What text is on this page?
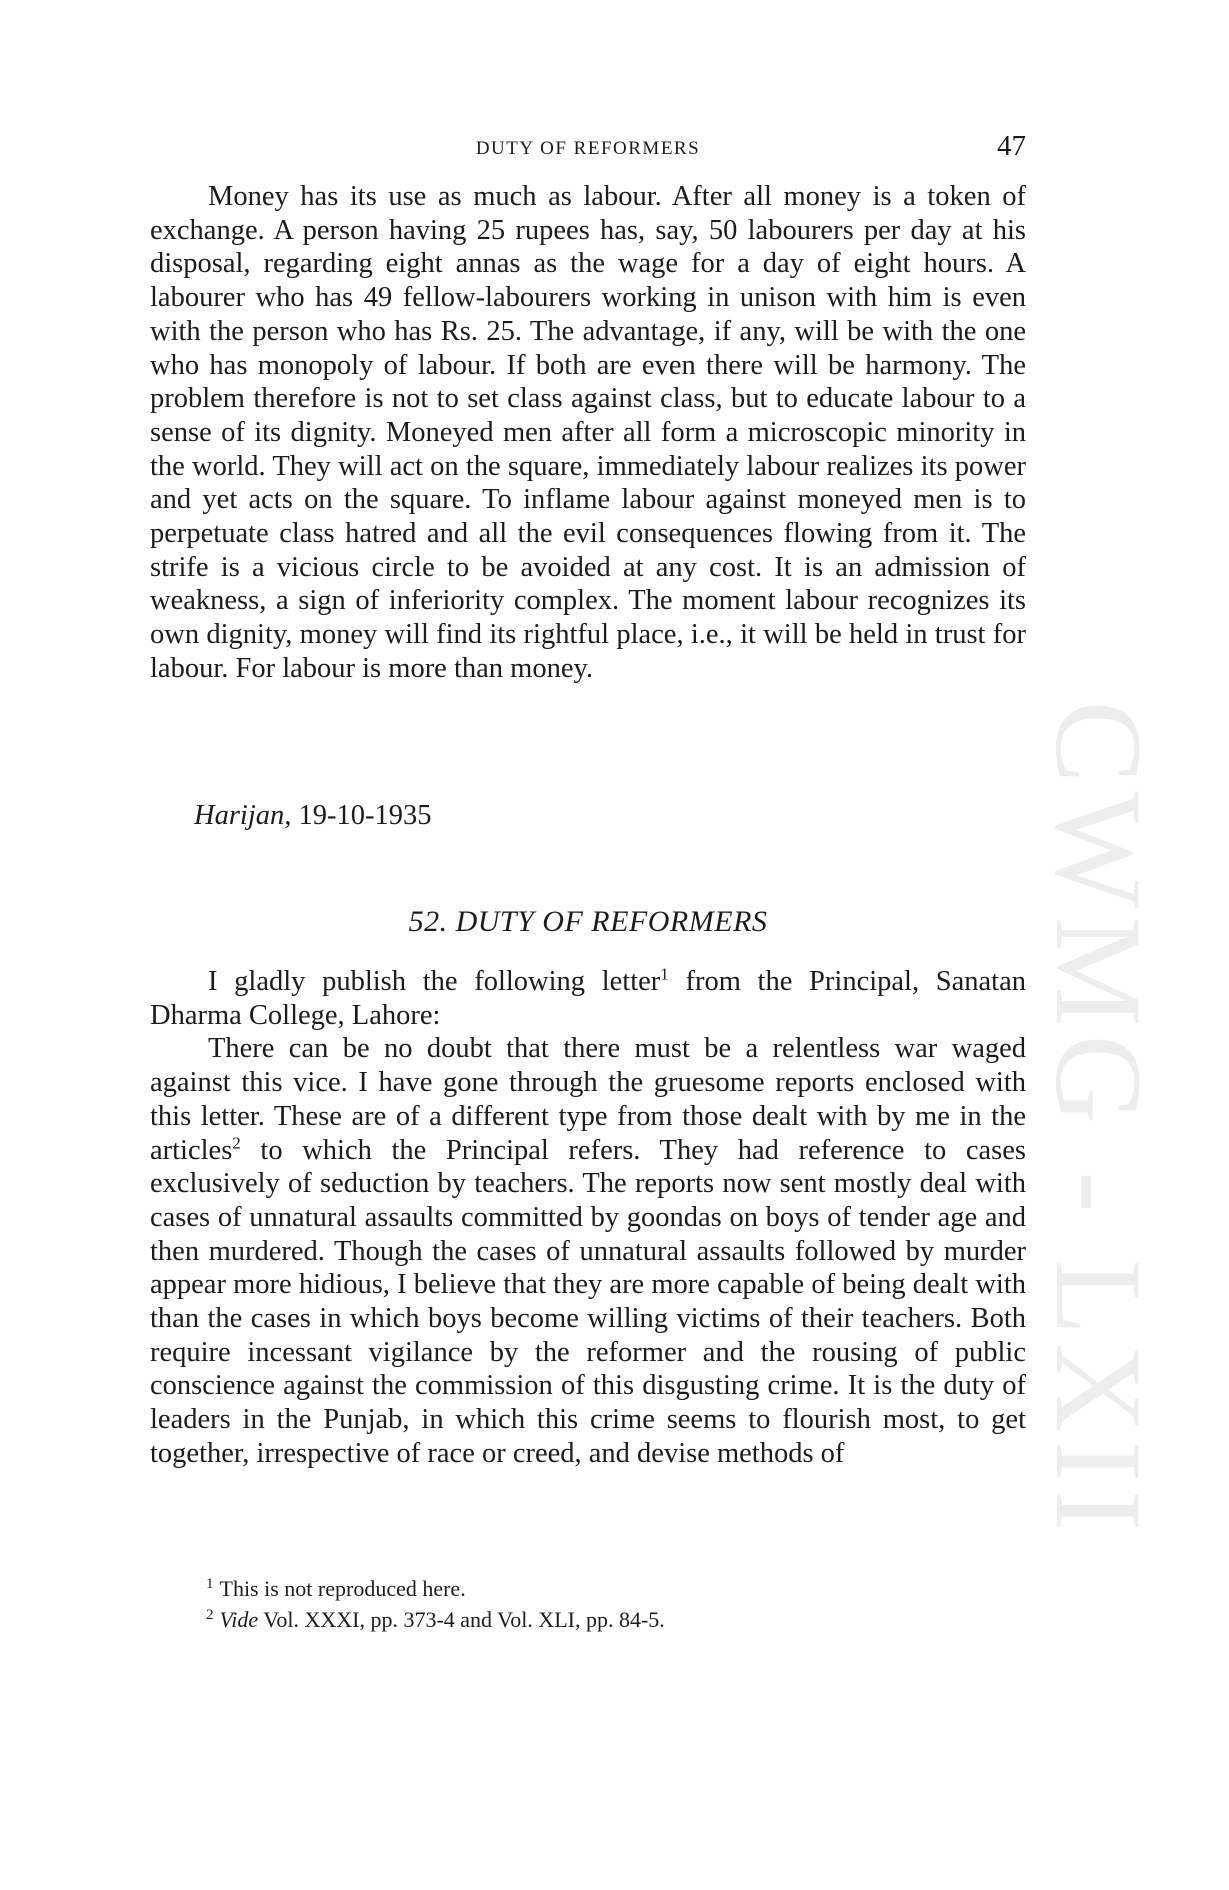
CWMG - LXII
DUTY OF REFORMERS	47

Money has its use as much as labour. After all money is a token of exchange. A person having 25 rupees has, say, 50 labourers per day at his disposal, regarding eight annas as the wage for a day of eight hours. A labourer who has 49 fellow-labourers working in unison with him is even with the person who has Rs. 25. The advantage, if any, will be with the one who has monopoly of labour. If both are even there will be harmony. The problem therefore is not to set class against class, but to educate labour to a sense of its dignity. Moneyed men after all form a microscopic minority in the world. They will act on the square, immediately labour realizes its power and yet acts on the square. To inflame labour against moneyed men is to perpetuate class hatred and all the evil consequences flowing from it. The strife is a vicious circle to be avoided at any cost. It is an admission of weakness, a sign of inferiority complex. The moment labour recognizes its own dignity, money will find its rightful place, i.e., it will be held in trust for labour. For labour is more than money.

Harijan, 19-10-1935
52. DUTY OF REFORMERS

I gladly publish the following letter$^1$ from the Principal, Sanatan Dharma College, Lahore:

There can be no doubt that there must be a relentless war waged against this vice. I have gone through the gruesome reports enclosed with this letter. These are of a different type from those dealt with by me in the articles$^2$ to which the Principal refers. They had reference to cases exclusively of seduction by teachers. The reports now sent mostly deal with cases of unnatural assaults committed by goondas on boys of tender age and then murdered. Though the cases of unnatural assaults followed by murder appear more hidious, I believe that they are more capable of being dealt with than the cases in which boys become willing victims of their teachers. Both require incessant vigilance by the reformer and the rousing of public conscience against the commission of this disgusting crime. It is the duty of leaders in the Punjab, in which this crime seems to flourish most, to get together, irrespective of race or creed, and devise methods of

$^1$ This is not reproduced here.
$^2$ Vide Vol. XXXI, pp. 373-4 and Vol. XLI, pp. 84-5.
